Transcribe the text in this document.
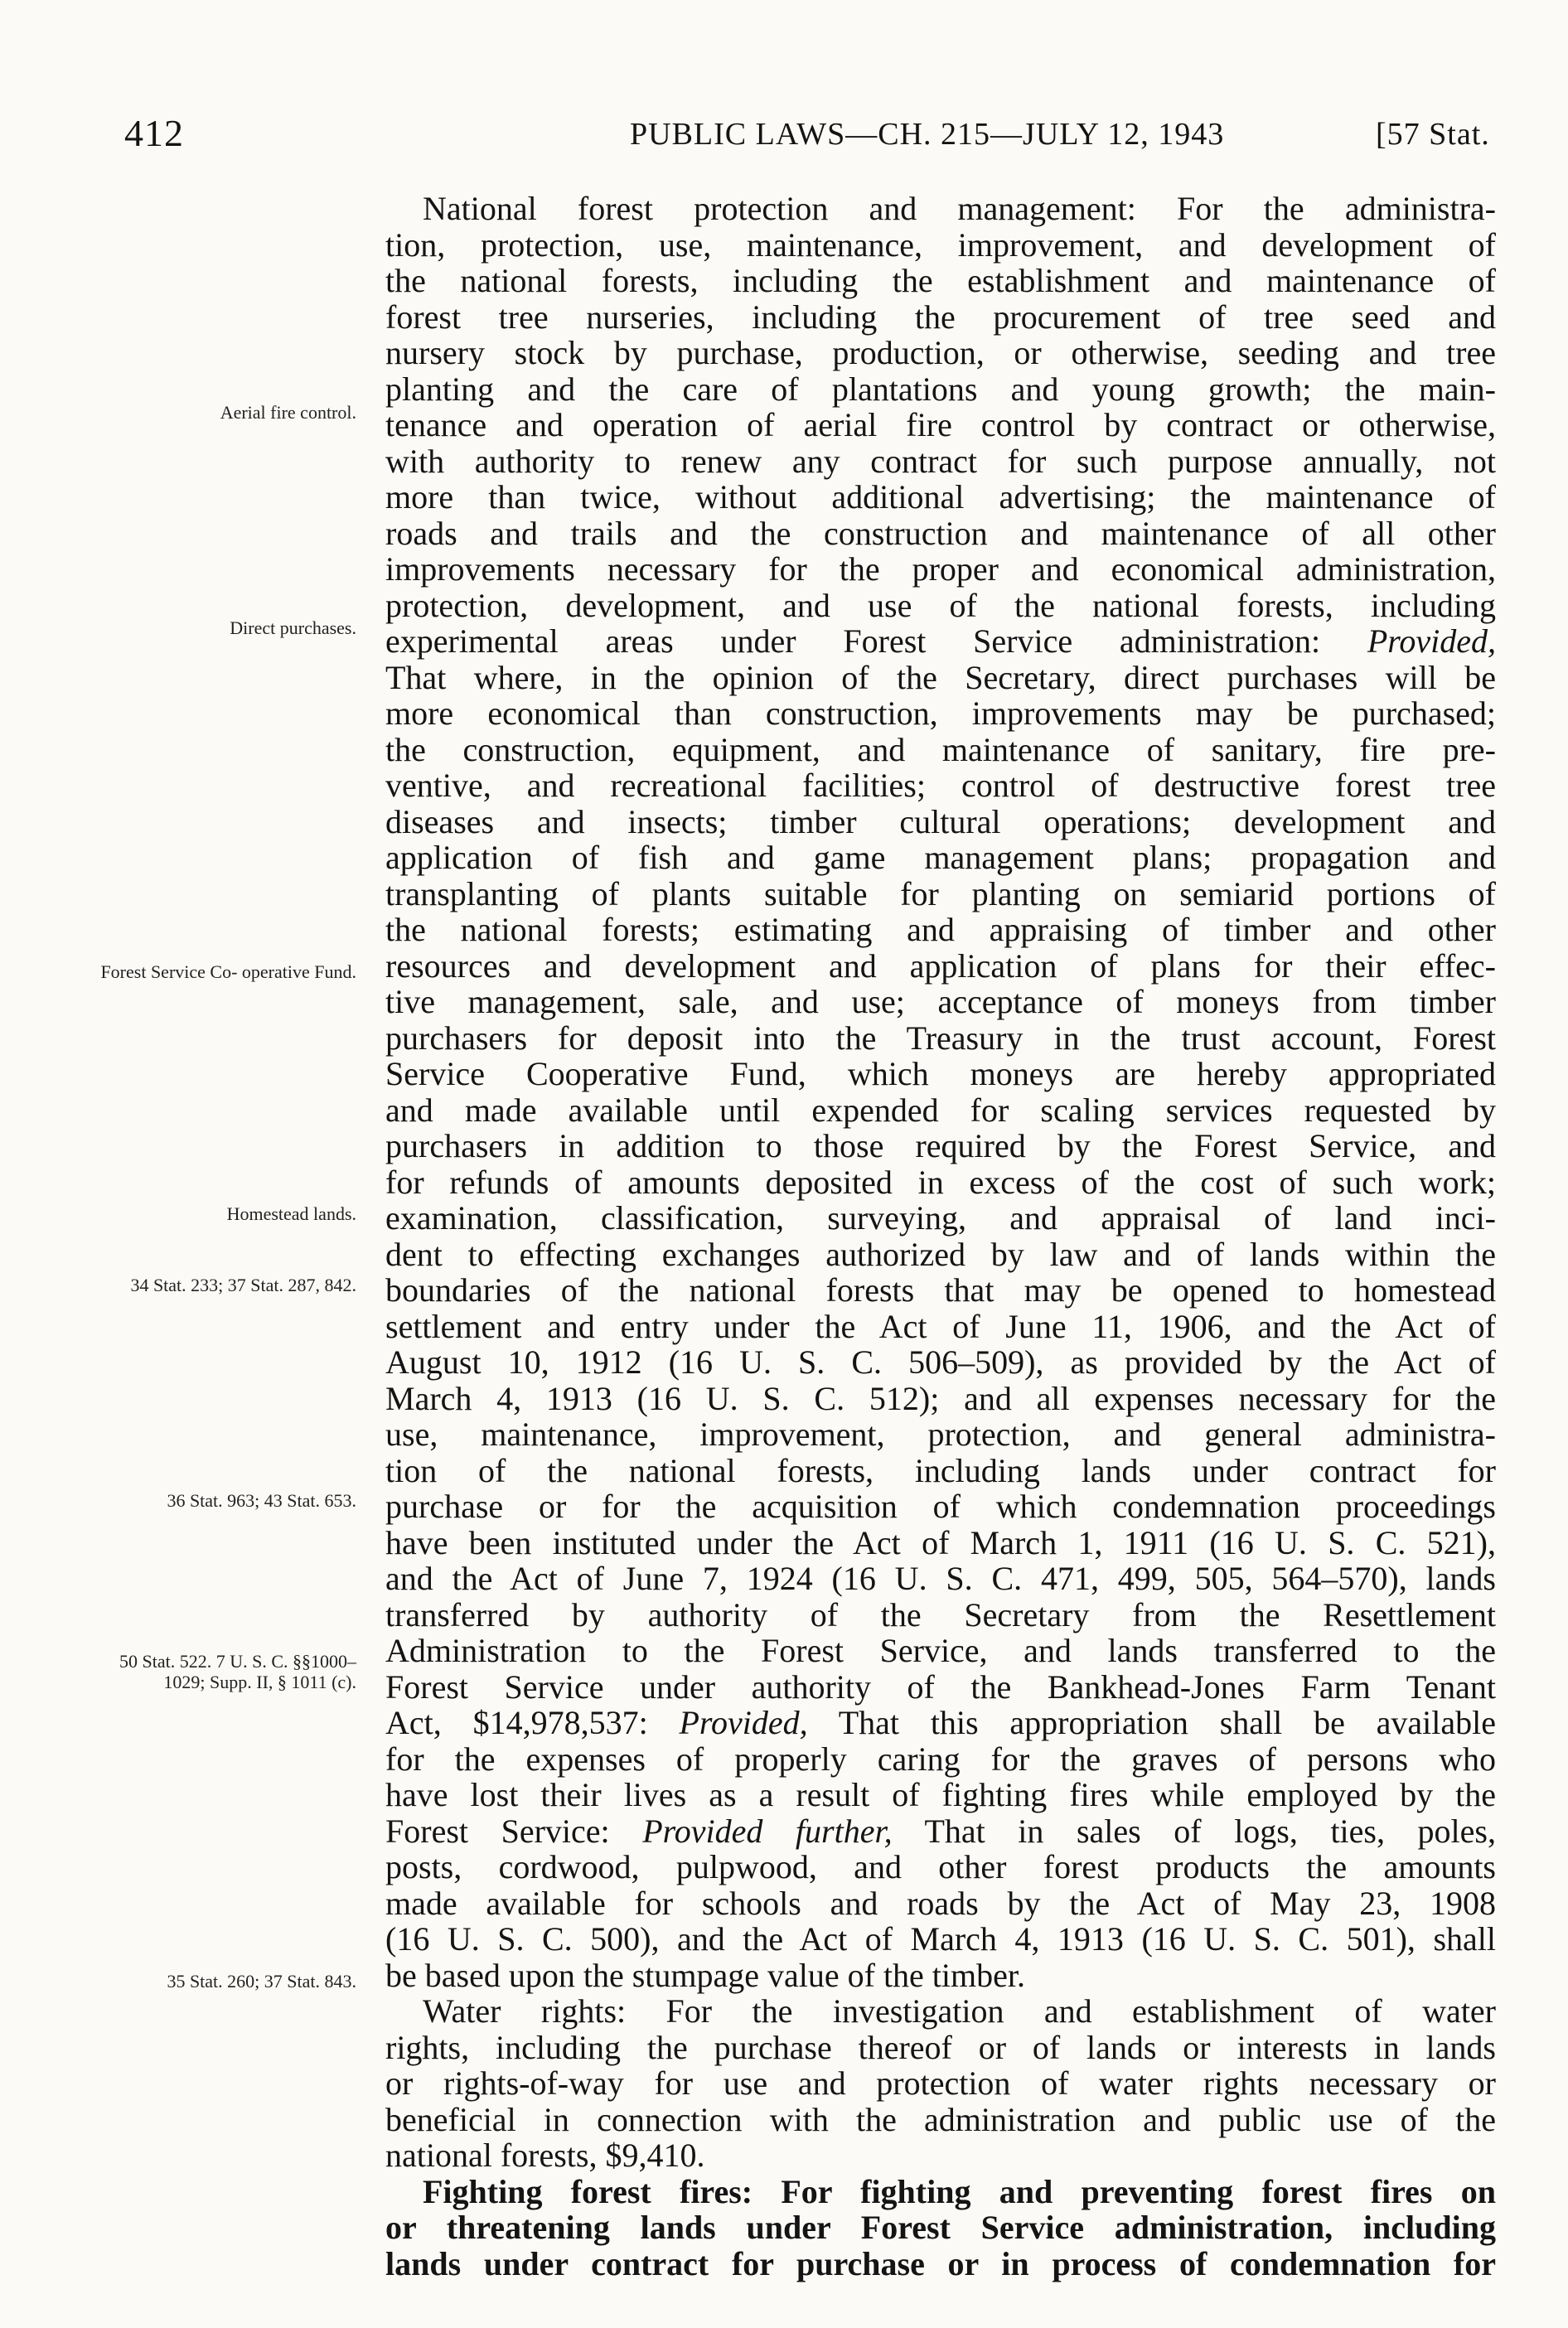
412	PUBLIC LAWS—CH. 215—JULY 12, 1943	[57 Stat.
Aerial fire control.
Direct purchases.
Forest Service Co- operative Fund.
Homestead lands.
34 Stat. 233; 37 Stat. 287, 842.
36 Stat. 963; 43 Stat. 653.
50 Stat. 522. 7 U. S. C. §§1000– 1029; Supp. II, § 1011 (c).
35 Stat. 260; 37 Stat. 843.
National forest protection and management: For the administra-
tion, protection, use, maintenance, improvement, and development of
the national forests, including the establishment and maintenance of
forest tree nurseries, including the procurement of tree seed and
nursery stock by purchase, production, or otherwise, seeding and tree
planting and the care of plantations and young growth; the main-
tenance and operation of aerial fire control by contract or otherwise,
with authority to renew any contract for such purpose annually, not
more than twice, without additional advertising; the maintenance of
roads and trails and the construction and maintenance of all other
improvements necessary for the proper and economical administration,
protection, development, and use of the national forests, including
experimental areas under Forest Service administration: Provided,
That where, in the opinion of the Secretary, direct purchases will be
more economical than construction, improvements may be purchased;
the construction, equipment, and maintenance of sanitary, fire pre-
ventive, and recreational facilities; control of destructive forest tree
diseases and insects; timber cultural operations; development and
application of fish and game management plans; propagation and
transplanting of plants suitable for planting on semiarid portions of
the national forests; estimating and appraising of timber and other
resources and development and application of plans for their effec-
tive management, sale, and use; acceptance of moneys from timber
purchasers for deposit into the Treasury in the trust account, Forest
Service Cooperative Fund, which moneys are hereby appropriated
and made available until expended for scaling services requested by
purchasers in addition to those required by the Forest Service, and
for refunds of amounts deposited in excess of the cost of such work;
examination, classification, surveying, and appraisal of land inci-
dent to effecting exchanges authorized by law and of lands within the
boundaries of the national forests that may be opened to homestead
settlement and entry under the Act of June 11, 1906, and the Act of
August 10, 1912 (16 U. S. C. 506–509), as provided by the Act of
March 4, 1913 (16 U. S. C. 512); and all expenses necessary for the
use, maintenance, improvement, protection, and general administra-
tion of the national forests, including lands under contract for
purchase or for the acquisition of which condemnation proceedings
have been instituted under the Act of March 1, 1911 (16 U. S. C. 521),
and the Act of June 7, 1924 (16 U. S. C. 471, 499, 505, 564–570), lands
transferred by authority of the Secretary from the Resettlement
Administration to the Forest Service, and lands transferred to the
Forest Service under authority of the Bankhead-Jones Farm Tenant
Act, $14,978,537: Provided, That this appropriation shall be available
for the expenses of properly caring for the graves of persons who
have lost their lives as a result of fighting fires while employed by the
Forest Service: Provided further, That in sales of logs, ties, poles,
posts, cordwood, pulpwood, and other forest products the amounts
made available for schools and roads by the Act of May 23, 1908
(16 U. S. C. 500), and the Act of March 4, 1913 (16 U. S. C. 501), shall
be based upon the stumpage value of the timber.
Water rights: For the investigation and establishment of water
rights, including the purchase thereof or of lands or interests in lands
or rights-of-way for use and protection of water rights necessary or
beneficial in connection with the administration and public use of the
national forests, $9,410.
Fighting forest fires: For fighting and preventing forest fires on
or threatening lands under Forest Service administration, including
lands under contract for purchase or in process of condemnation for
